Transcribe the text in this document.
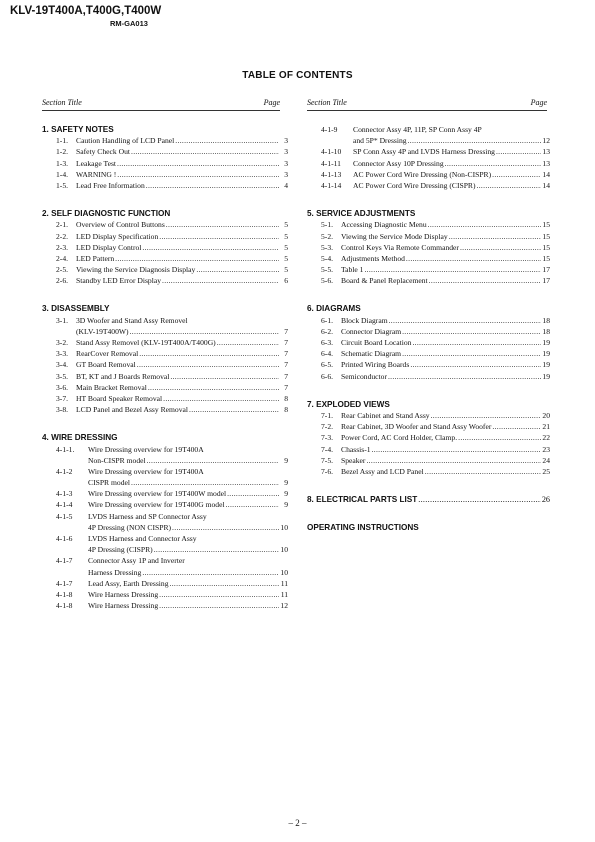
KLV-19T400A,T400G,T400W
RM-GA013
TABLE OF CONTENTS
Section Title	Page	Section Title	Page
1. SAFETY NOTES
1-1.	Caution Handling of LCD Panel .....	3
1-2.	Safety Check Out .....	3
1-3.	Leakage Test .....	3
1-4.	WARNING ! .....	3
1-5.	Lead Free Information .....	4
2. SELF DIAGNOSTIC FUNCTION
2-1.	Overview of Control Buttons .....	5
2-2.	LED Display Specification .....	5
2-3.	LED Display Control .....	5
2-4.	LED Pattern .....	5
2-5.	Viewing the Service Diagnosis Display .....	5
2-6.	Standby LED Error Display .....	6
3. DISASSEMBLY
3-1.	3D Woofer and Stand Assy Removel
(KLV-19T400W) .....	7
3-2.	Stand Assy Removel (KLV-19T400A/T400G) .....	7
3-3.	RearCover Removal .....	7
3-4.	GT Board Removal .....	7
3-5.	BT, KT and J Boards Removal .....	7
3-6.	Main Bracket Removal .....	7
3-7.	HT Board Speaker Removal .....	8
3-8.	LCD Panel and Bezel Assy Removal .....	8
4. WIRE DRESSING
4-1-1.	Wire Dressing overview for 19T400A
Non-CISPR model .....	9
4-1-2	Wire Dressing overview for 19T400A
CISPR model .....	9
4-1-3	Wire Dressing overview for 19T400W model .....	9
4-1-4	Wire Dressing overview for 19T400G model .....	9
4-1-5	LVDS Harness and SP Connector Assy
4P Dressing (NON CISPR) .....	10
4-1-6	LVDS Harness and Connector Assy
4P Dressing (CISPR) .....	10
4-1-7	Connector Assy 1P and Inverter
Harness Dressing .....	10
4-1-7	Lead Assy, Earth Dressing .....	11
4-1-8	Wire Harness Dressing .....	11
4-1-8	Wire Harness Dressing .....	12
4-1-9	Connector Assy 4P, 11P, SP Conn Assy 4P
and 5P* Dressing .....	12
4-1-10	SP Conn Assy 4P and LVDS Harness Dressing .....	13
4-1-11	Connector Assy 10P Dressing .....	13
4-1-13	AC Power Cord Wire Dressing (Non-CISPR) .....	14
4-1-14	AC Power Cord Wire Dressing (CISPR) .....	14
5. SERVICE ADJUSTMENTS
5-1.	Accessing Diagnostic Menu .....	15
5-2.	Viewing the Service Mode Display .....	15
5-3.	Control Keys Via Remote Commander .....	15
5-4.	Adjustments Method .....	15
5-5.	Table 1 .....	17
5-6.	Board & Panel Replacement .....	17
6. DIAGRAMS
6-1.	Block Diagram .....	18
6-2.	Connector Diagram .....	18
6-3.	Circuit Board Location .....	19
6-4.	Schematic Diagram .....	19
6-5.	Printed Wiring Boards .....	19
6-6.	Semiconductor .....	19
7. EXPLODED VIEWS
7-1.	Rear Cabinet and Stand Assy .....	20
7-2.	Rear Cabinet, 3D Woofer and Stand Assy Woofer .....	21
7-3.	Power Cord, AC Cord Holder, Clamp. .....	22
7-4.	Chassis-1 .....	23
7-5.	Speaker .....	24
7-6.	Bezel Assy and LCD Panel .....	25
8. ELECTRICAL PARTS LIST .....	26
OPERATING INSTRUCTIONS
– 2 –
